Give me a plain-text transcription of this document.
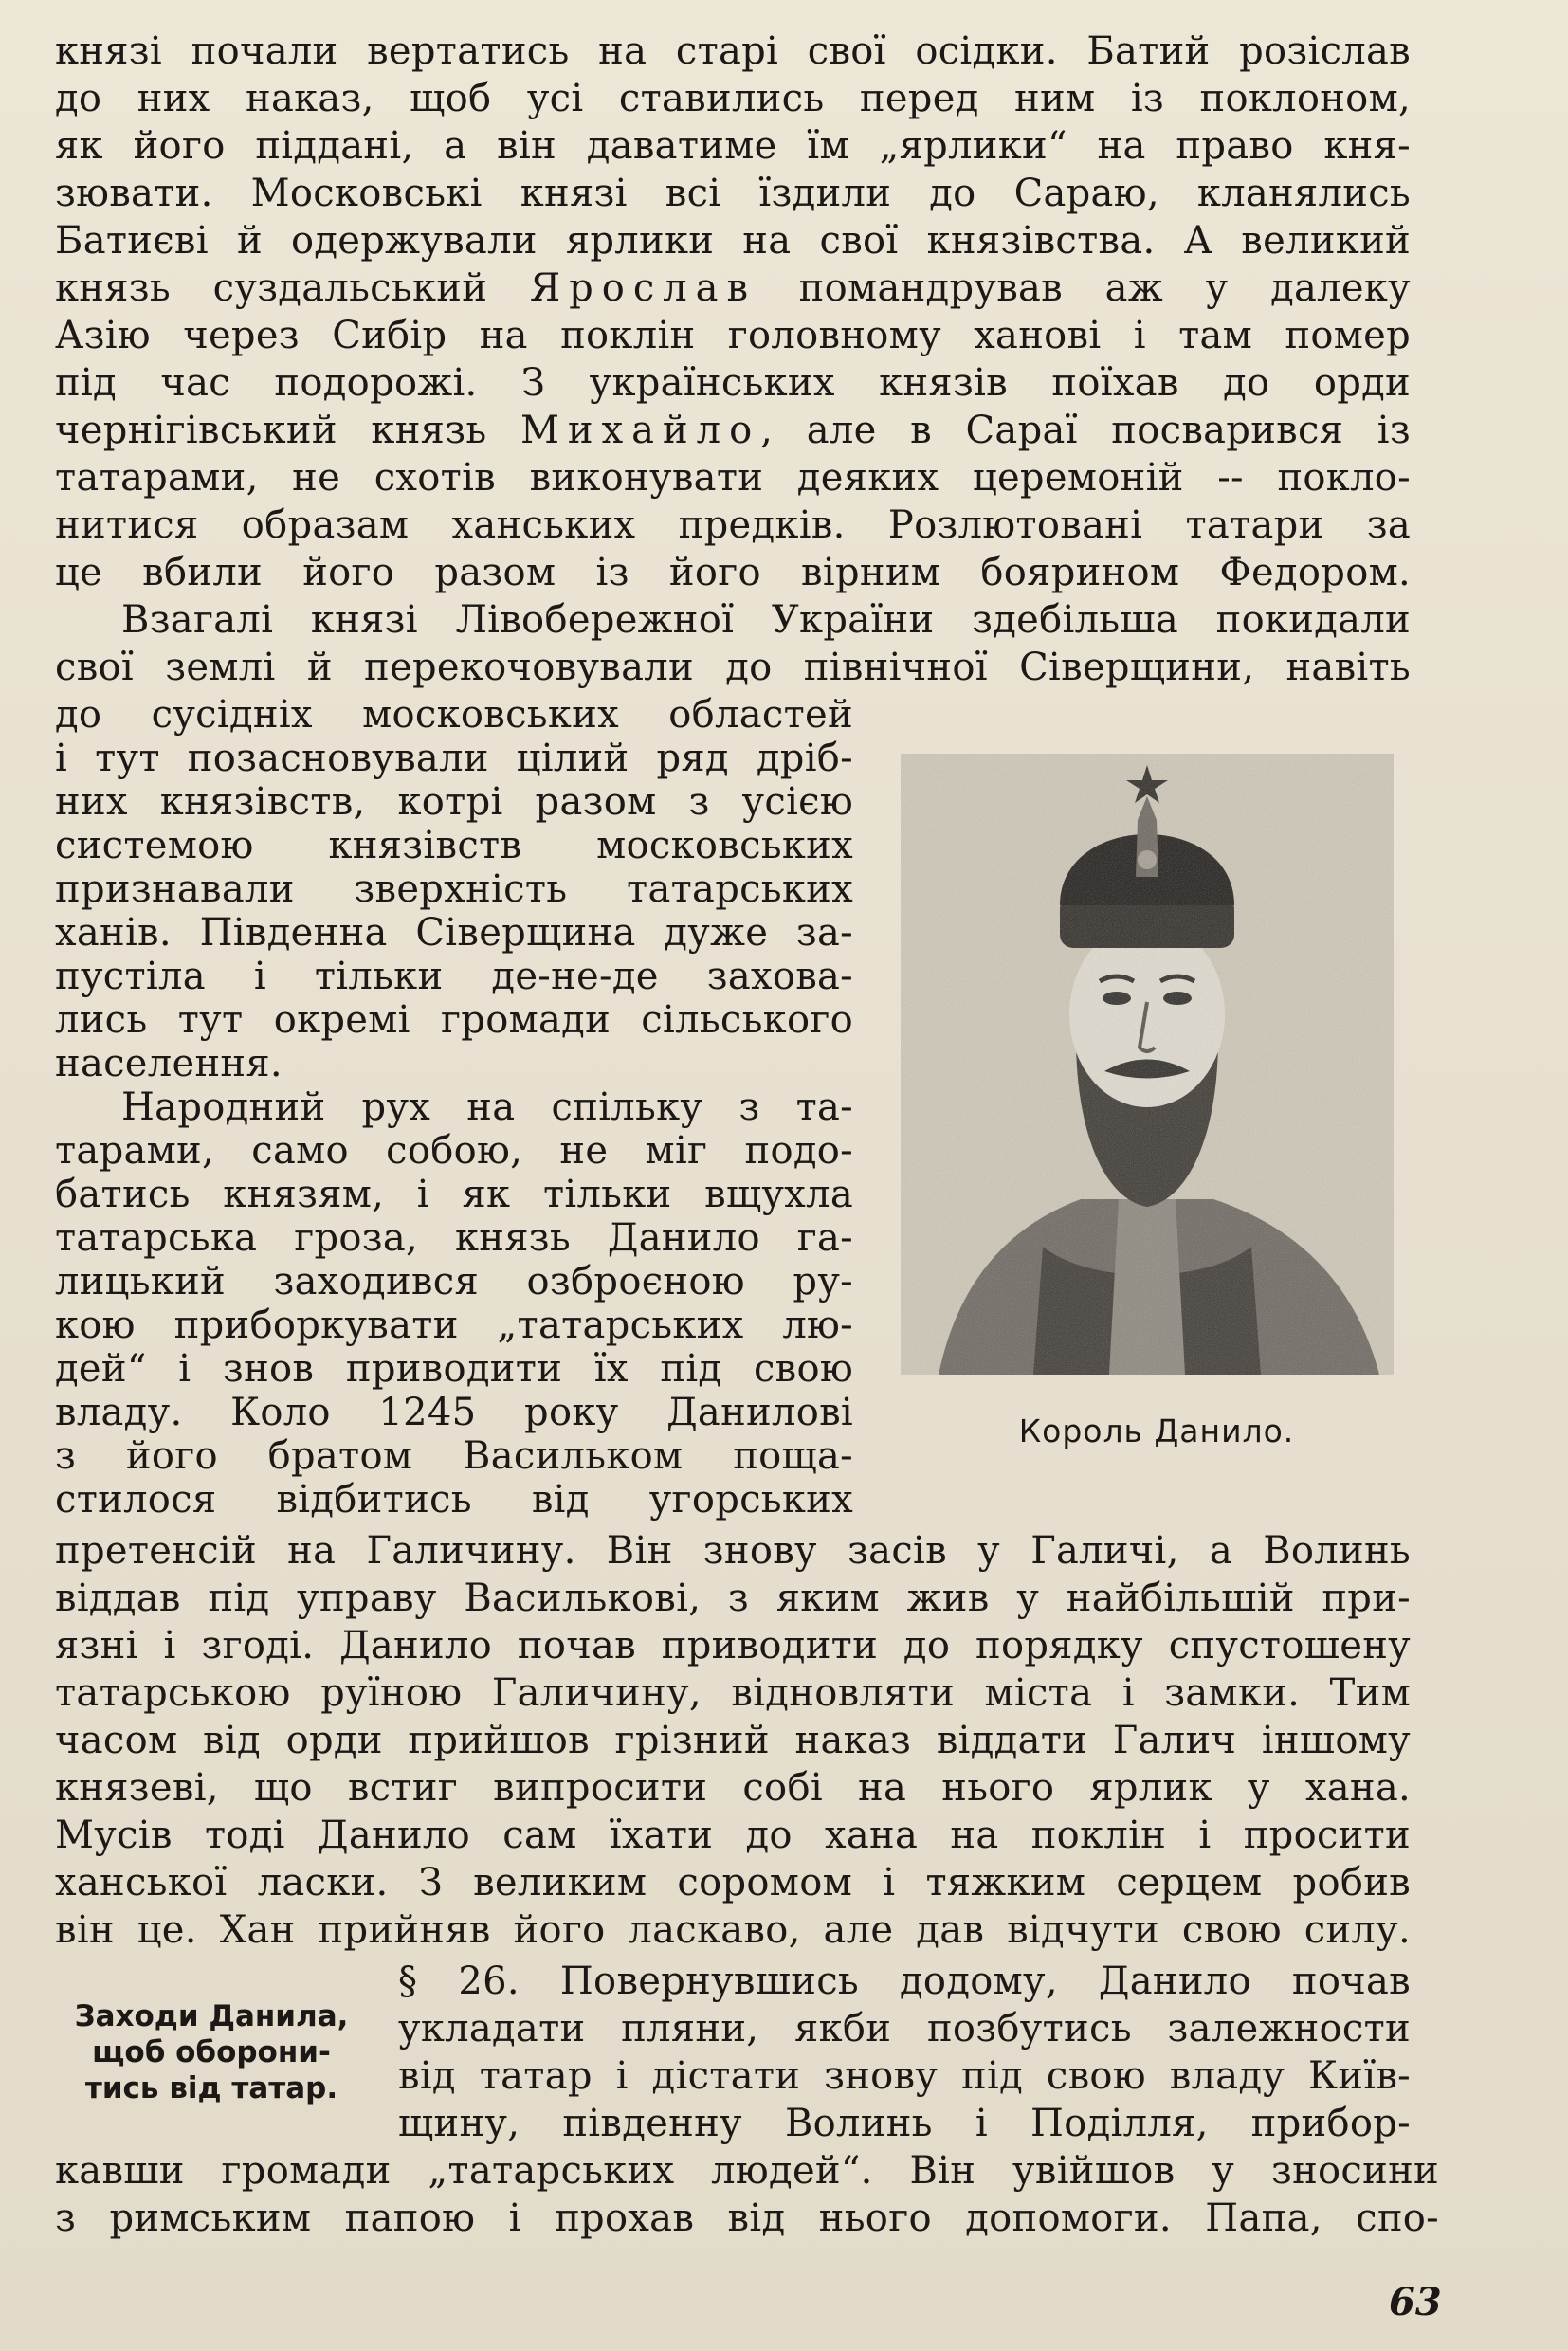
князі почали вертатись на старі свої осідки. Батий розіслав
до них наказ, щоб усі ставились перед ним із поклоном,
як його піддані, а він даватиме їм „ярлики“ на право кня-
зювати. Московські князі всі їздили до Сараю, кланялись
Батиєві й одержували ярлики на свої князівства. А великий
князь суздальський Ярослав помандрував аж у далеку
Азію через Сибір на поклін головному ханові і там помер
під час подорожі. З українських князів поїхав до орди
чернігівський князь Михайло, але в Сараї посварився із
татарами, не схотів виконувати деяких церемоній -- покло-
нитися образам ханських предків. Розлютовані татари за
це вбили його разом із його вірним боярином Федором.
Взагалі князі Лівобережної України здебільша покидали
свої землі й перекочовували до північної Сіверщини, навіть
до сусідніх московських областей
і тут позасновували цілий ряд дріб-
них князівств, котрі разом з усією
системою князівств московських
признавали зверхність татарських
ханів. Південна Сіверщина дуже за-
пустіла і тільки де-не-де захова-
лись тут окремі громади сільського
населення.
Народний рух на спільку з та-
тарами, само собою, не міг подо-
батись князям, і як тільки вщухла
татарська гроза, князь Данило га-
лицький заходився озброєною ру-
кою приборкувати „татарських лю-
дей“ і знов приводити їх під свою
владу. Коло 1245 року Данилові
з його братом Васильком поща-
стилося відбитись від угорських
Король Данило.
претенсій на Галичину. Він знову засів у Галичі, а Волинь
віддав під управу Василькові, з яким жив у найбільшій при-
язні і згоді. Данило почав приводити до порядку спустошену
татарською руїною Галичину, відновляти міста і замки. Тим
часом від орди прийшов грізний наказ віддати Галич іншому
князеві, що встиг випросити собі на нього ярлик у хана.
Мусів тоді Данило сам їхати до хана на поклін і просити
ханської ласки. З великим соромом і тяжким серцем робив
він це. Хан прийняв його ласкаво, але дав відчути свою силу.
§ 26. Повернувшись додому, Данило почав
укладати пляни, якби позбутись залежности
від татар і дістати знову під свою владу Київ-
щину, південну Волинь і Поділля, прибор-
Заходи Данила,
щоб оборони-
тись від татар.
кавши громади „татарських людей“. Він увійшов у зносини
з римським папою і прохав від нього допомоги. Папа, спо-
63
